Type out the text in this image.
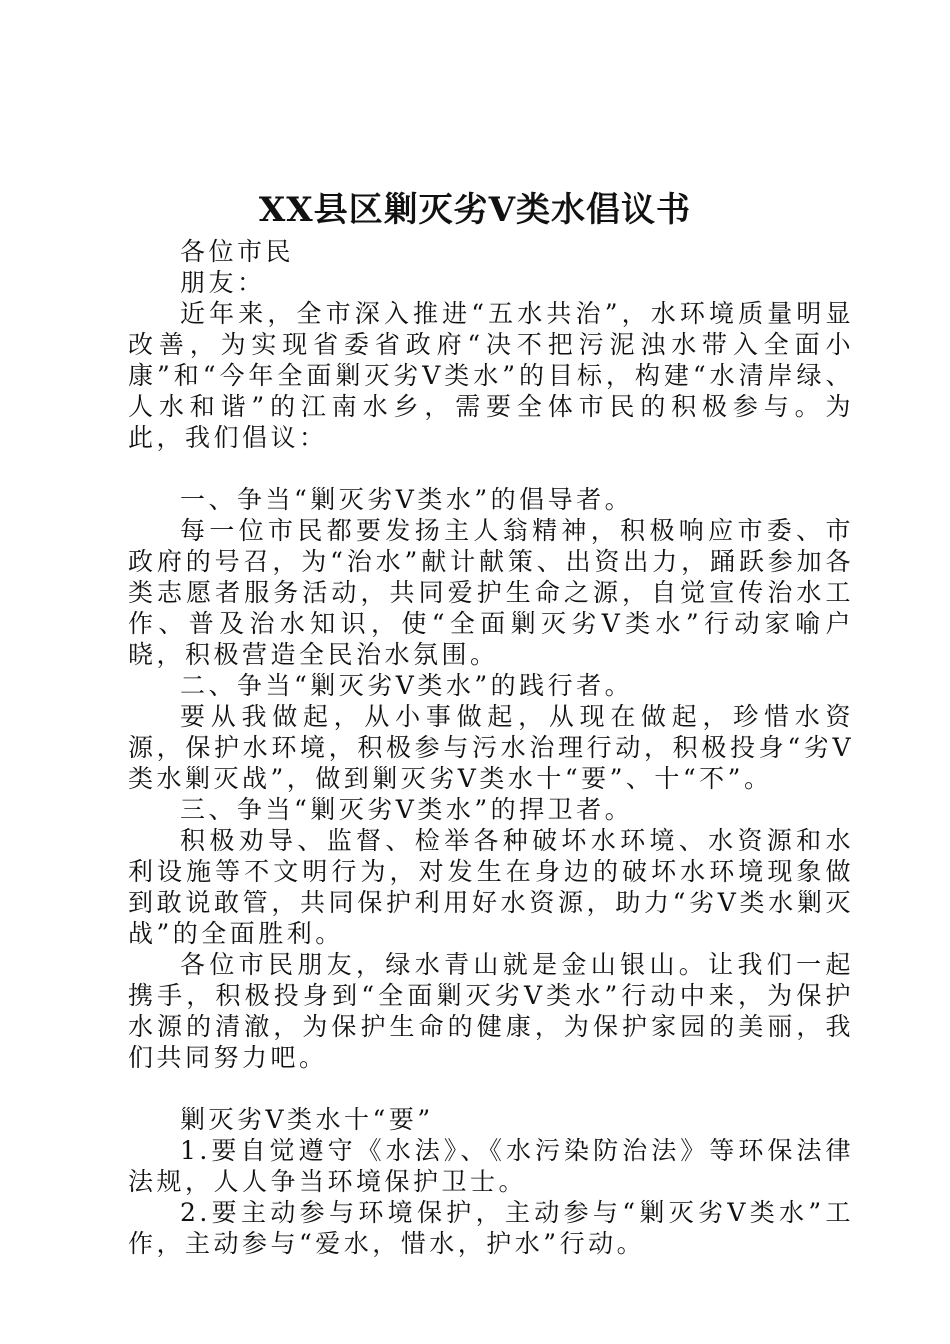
XX县区剿灭劣Ⅴ类水倡议书

各位市民

朋友：

近年来，全市深入推进“五水共治”，水环境质量明显改善，为实现省委省政府“决不把污泥浊水带入全面小康”和“今年全面剿灭劣Ⅴ类水”的目标，构建“水清岸绿、人水和谐”的江南水乡，需要全体市民的积极参与。为此，我们倡议：

一、争当“剿灭劣Ⅴ类水”的倡导者。

每一位市民都要发扬主人翁精神，积极响应市委、市政府的号召，为“治水”献计献策、出资出力，踊跃参加各类志愿者服务活动，共同爱护生命之源，自觉宣传治水工作、普及治水知识，使“全面剿灭劣Ⅴ类水”行动家喻户晓，积极营造全民治水氛围。

二、争当“剿灭劣Ⅴ类水”的践行者。

要从我做起，从小事做起，从现在做起，珍惜水资源，保护水环境，积极参与污水治理行动，积极投身“劣Ⅴ类水剿灭战”，做到剿灭劣Ⅴ类水十“要”、十“不”。

三、争当“剿灭劣Ⅴ类水”的捍卫者。

积极劝导、监督、检举各种破坏水环境、水资源和水利设施等不文明行为，对发生在身边的破坏水环境现象做到敢说敢管，共同保护利用好水资源，助力“劣Ⅴ类水剿灭战”的全面胜利。

各位市民朋友，绿水青山就是金山银山。让我们一起携手，积极投身到“全面剿灭劣Ⅴ类水”行动中来，为保护水源的清澈，为保护生命的健康，为保护家园的美丽，我们共同努力吧。

剿灭劣Ⅴ类水十“要”

1.要自觉遵守《水法》、《水污染防治法》等环保法律法规，人人争当环境保护卫士。

2.要主动参与环境保护，主动参与“剿灭劣Ⅴ类水”工作，主动参与“爱水，惜水，护水”行动。
